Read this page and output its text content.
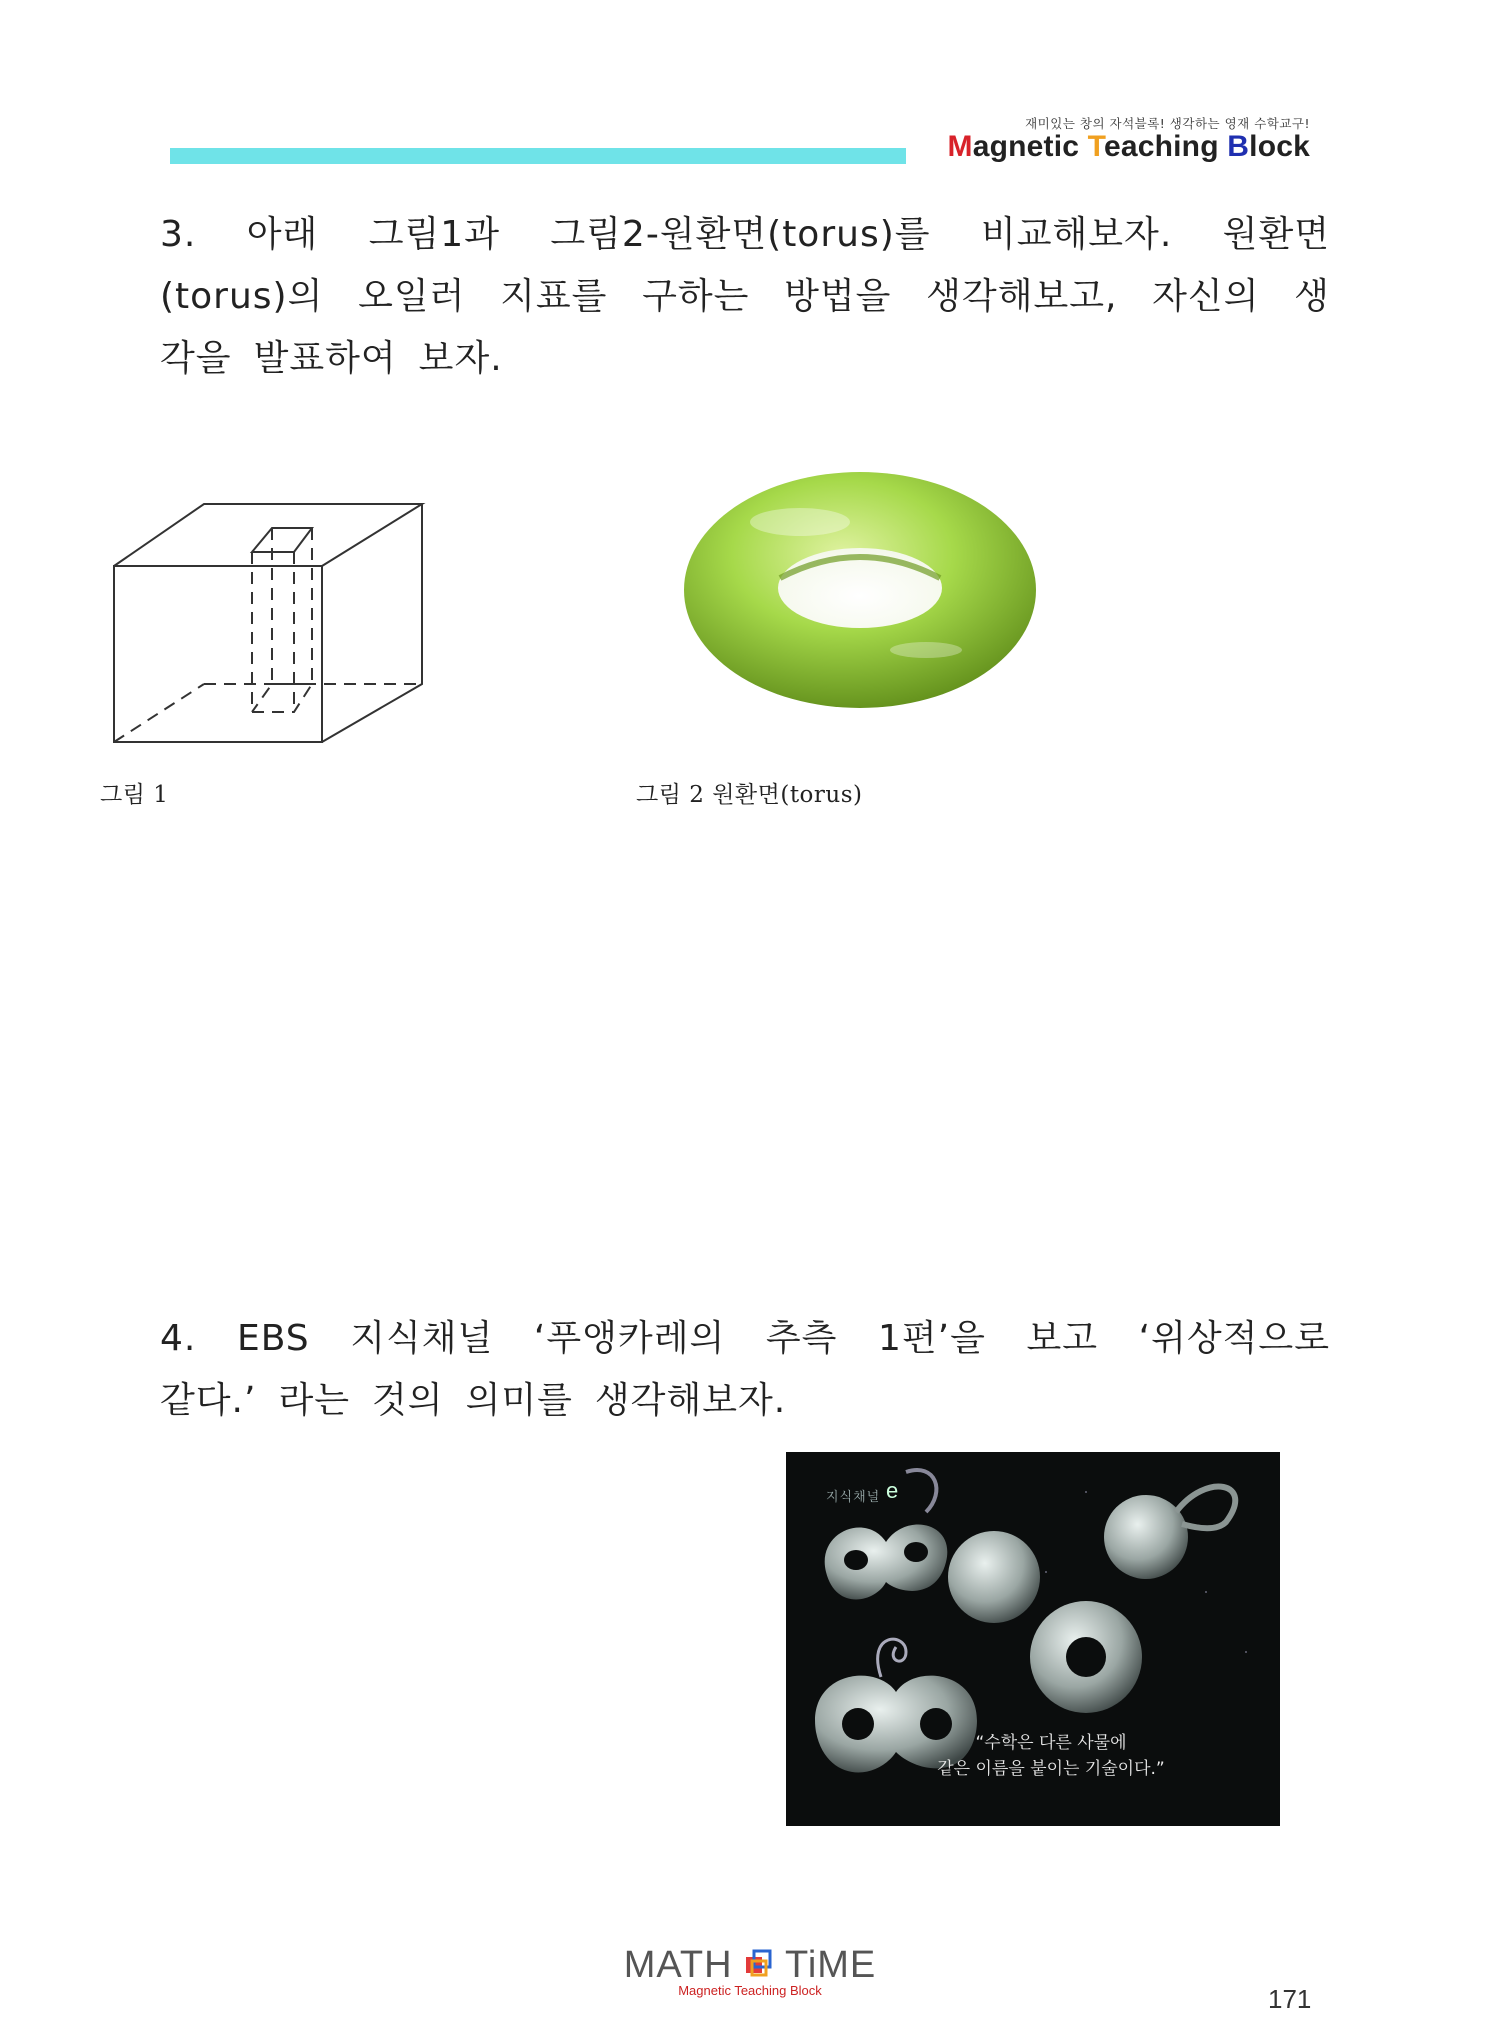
재미있는 창의 자석블록! 생각하는 영재 수학교구!
Magnetic Teaching Block
3. 아래 그림1과 그림2-원환면(torus)를 비교해보자. 원환면
(torus)의 오일러 지표를 구하는 방법을 생각해보고, 자신의 생
각을 발표하여 보자.
그림 1	그림 2 원환면(torus)
4. EBS 지식채널 ‘푸앵카레의 추측 1편’을 보고 ‘위상적으로
같다.’ 라는 것의 의미를 생각해보자.
지식채널 e
“수학은 다른 사물에
같은 이름을 붙이는 기술이다.”
MATH TiME
Magnetic Teaching Block	171
